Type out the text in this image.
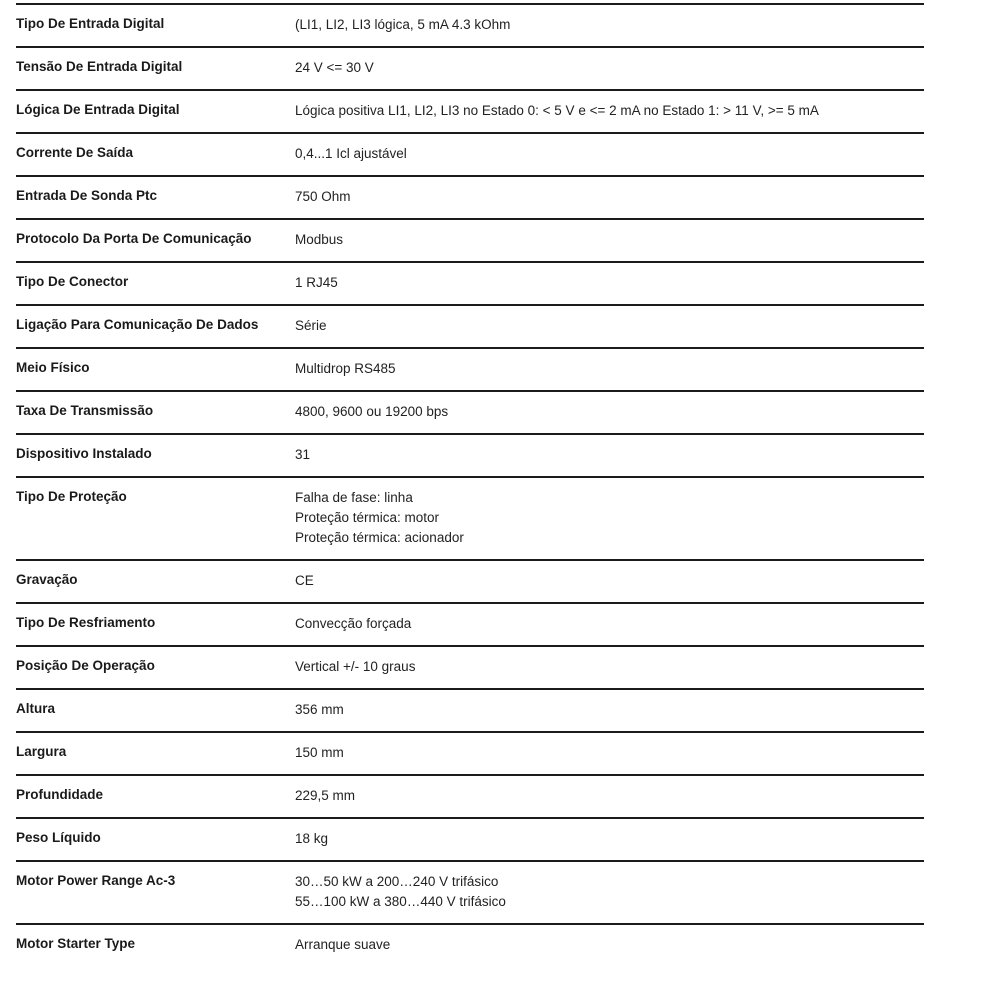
Tipo De Entrada Digital	(LI1, LI2, LI3 lógica, 5 mA 4.3 kOhm
Tensão De Entrada Digital	24 V <= 30 V
Lógica De Entrada Digital	Lógica positiva LI1, LI2, LI3 no Estado 0: < 5 V e <= 2 mA no Estado 1: > 11 V, >= 5 mA
Corrente De Saída	0,4...1 Icl ajustável
Entrada De Sonda Ptc	750 Ohm
Protocolo Da Porta De Comunicação	Modbus
Tipo De Conector	1 RJ45
Ligação Para Comunicação De Dados	Série
Meio Físico	Multidrop RS485
Taxa De Transmissão	4800, 9600 ou 19200 bps
Dispositivo Instalado	31
Tipo De Proteção	Falha de fase: linha
Proteção térmica: motor
Proteção térmica: acionador
Gravação	CE
Tipo De Resfriamento	Convecção forçada
Posição De Operação	Vertical +/- 10 graus
Altura	356 mm
Largura	150 mm
Profundidade	229,5 mm
Peso Líquido	18 kg
Motor Power Range Ac-3	30…50 kW a 200…240 V trifásico
55…100 kW a 380…440 V trifásico
Motor Starter Type	Arranque suave
